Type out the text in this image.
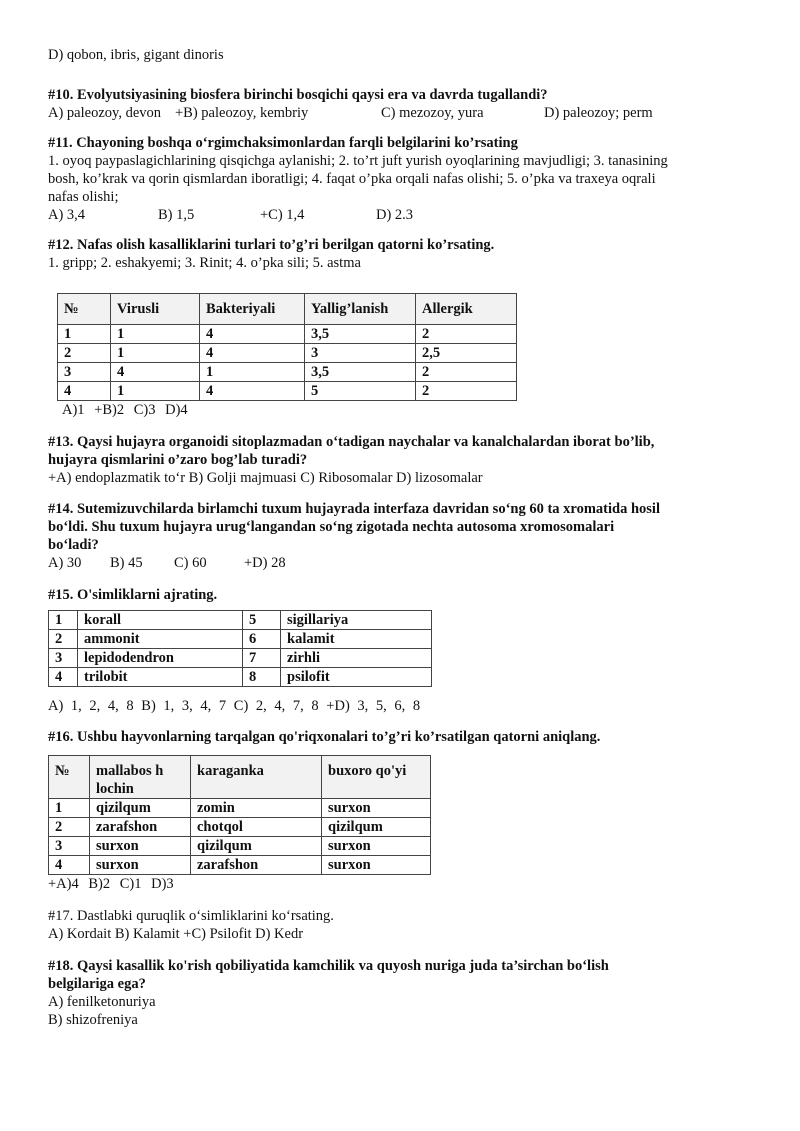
D) qobon, ibris, gigant dinoris

#10. Evolyutsiyasining biosfera birinchi bosqichi qaysi era va davrda tugallandi?

A) paleozoy, devon +B) paleozoy, kembriy	C) mezozoy, yura	D) paleozoy; perm

#11. Chayoning boshqa o‘rgimchaksimonlardan farqli belgilarini ko’rsating

1. oyoq paypaslagichlarining qisqichga aylanishi; 2. to’rt juft yurish oyoqlarining mavjudligi; 3. tanasining

bosh, ko’krak va qorin qismlardan iboratligi; 4. faqat o’pka orqali nafas olishi; 5. o’pka va traxeya oqrali

nafas olishi;

A) 3,4	B) 1,5	+C) 1,4	D) 2.3

#12. Nafas olish kasalliklarini turlari to’g’ri berilgan qatorni ko’rsating.

1. gripp; 2. eshakyemi; 3. Rinit; 4. o’pka sili; 5. astma

№	Virusli	Bakteriyali	Yallig’lanish	Allergik
1	1	4	3,5	2
2	1	4	3	2,5
3	4	1	3,5	2
4	1	4	5	2

A)1 +B)2 C)3 D)4

#13. Qaysi hujayra organoidi sitoplazmadan o‘tadigan naychalar va kanalchalardan iborat bo’lib,

hujayra qismlarini o’zaro bog’lab turadi?

+A) endoplazmatik to‘r B) Golji majmuasi C) Ribosomalar D) lizosomalar

#14. Sutemizuvchilarda birlamchi tuxum hujayrada interfaza davridan so‘ng 60 ta xromatida hosil

bo‘ldi. Shu tuxum hujayra urug‘langandan so‘ng zigotada nechta autosoma xromosomalari

bo‘ladi?

A) 30 B) 45 C) 60	+D) 28

#15. O'simliklarni ajrating.

1	korall	5	sigillariya
2	ammonit	6	kalamit
3	lepidodendron	7	zirhli
4	trilobit	8	psilofit

A) 1, 2, 4, 8 B) 1, 3, 4, 7 C) 2, 4, 7, 8 +D) 3, 5, 6, 8

#16. Ushbu hayvonlarning tarqalgan qo'riqxonalari to’g’ri ko’rsatilgan qatorni aniqlang.

№	mallabos h lochin	karaganka	buxoro qo'yi
1	qizilqum	zomin	surxon
2	zarafshon	chotqol	qizilqum
3	surxon	qizilqum	surxon
4	surxon	zarafshon	surxon

+A)4 B)2 C)1 D)3

#17. Dastlabki quruqlik o‘simliklarini ko‘rsating.

A) Kordait B) Kalamit +C) Psilofit D) Kedr

#18. Qaysi kasallik ko'rish qobiliyatida kamchilik va quyosh nuriga juda ta’sirchan bo‘lish

belgilariga ega?

A) fenilketonuriya

B) shizofreniya
